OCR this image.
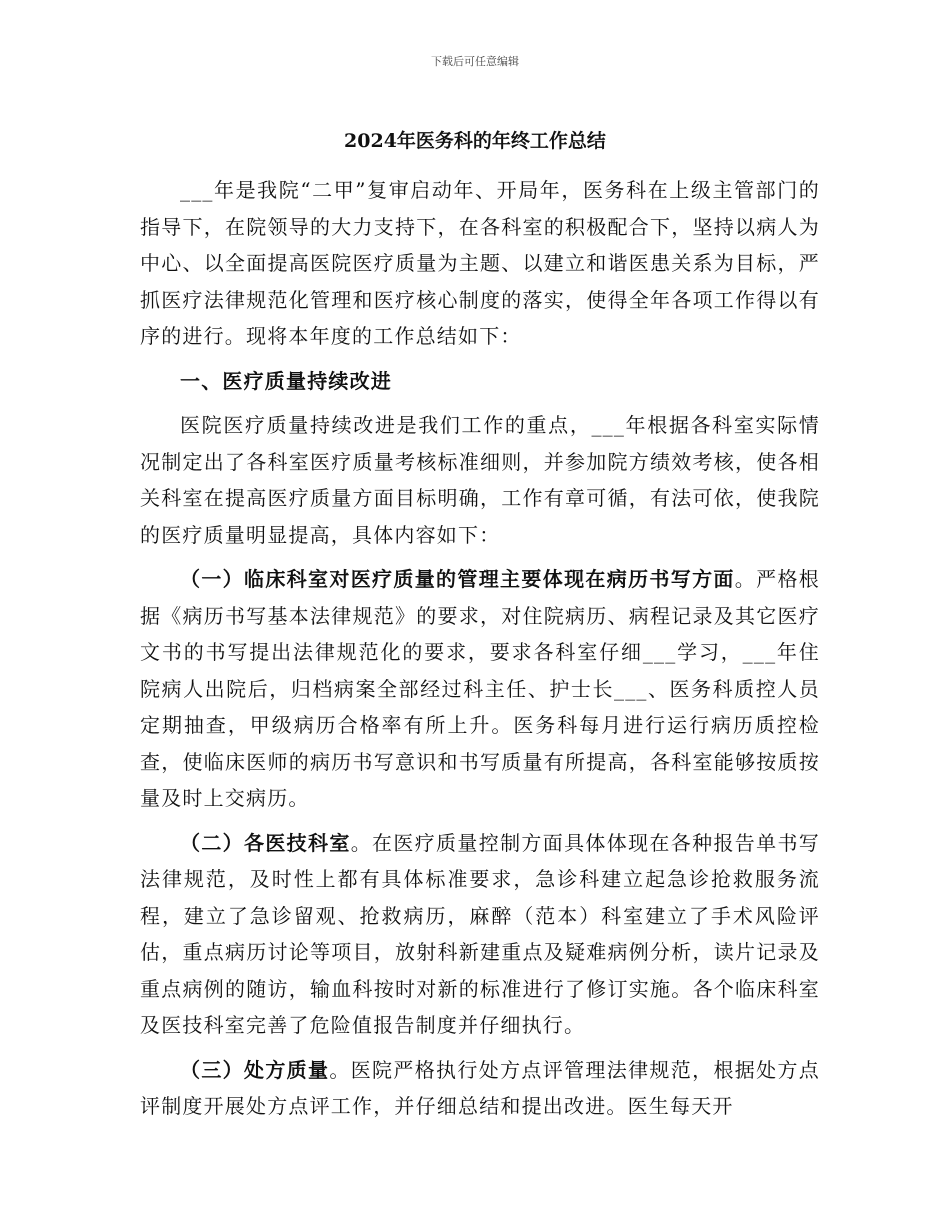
下载后可任意编辑
2024年医务科的年终工作总结

___年是我院“二甲”复审启动年、开局年，医务科在上级主管部门的指导下，在院领导的大力支持下，在各科室的积极配合下，坚持以病人为中心、以全面提高医院医疗质量为主题、以建立和谐医患关系为目标，严抓医疗法律规范化管理和医疗核心制度的落实，使得全年各项工作得以有序的进行。现将本年度的工作总结如下：

一、医疗质量持续改进

医院医疗质量持续改进是我们工作的重点，___年根据各科室实际情况制定出了各科室医疗质量考核标准细则，并参加院方绩效考核，使各相关科室在提高医疗质量方面目标明确，工作有章可循，有法可依，使我院的医疗质量明显提高，具体内容如下：

（一）临床科室对医疗质量的管理主要体现在病历书写方面。严格根据《病历书写基本法律规范》的要求，对住院病历、病程记录及其它医疗文书的书写提出法律规范化的要求，要求各科室仔细___学习，___年住院病人出院后，归档病案全部经过科主任、护士长___、医务科质控人员定期抽查，甲级病历合格率有所上升。医务科每月进行运行病历质控检查，使临床医师的病历书写意识和书写质量有所提高，各科室能够按质按量及时上交病历。

（二）各医技科室。在医疗质量控制方面具体体现在各种报告单书写法律规范，及时性上都有具体标准要求，急诊科建立起急诊抢救服务流程，建立了急诊留观、抢救病历，麻醉（范本）科室建立了手术风险评估，重点病历讨论等项目，放射科新建重点及疑难病例分析，读片记录及重点病例的随访，输血科按时对新的标准进行了修订实施。各个临床科室及医技科室完善了危险值报告制度并仔细执行。

（三）处方质量。医院严格执行处方点评管理法律规范，根据处方点评制度开展处方点评工作，并仔细总结和提出改进。医生每天开
